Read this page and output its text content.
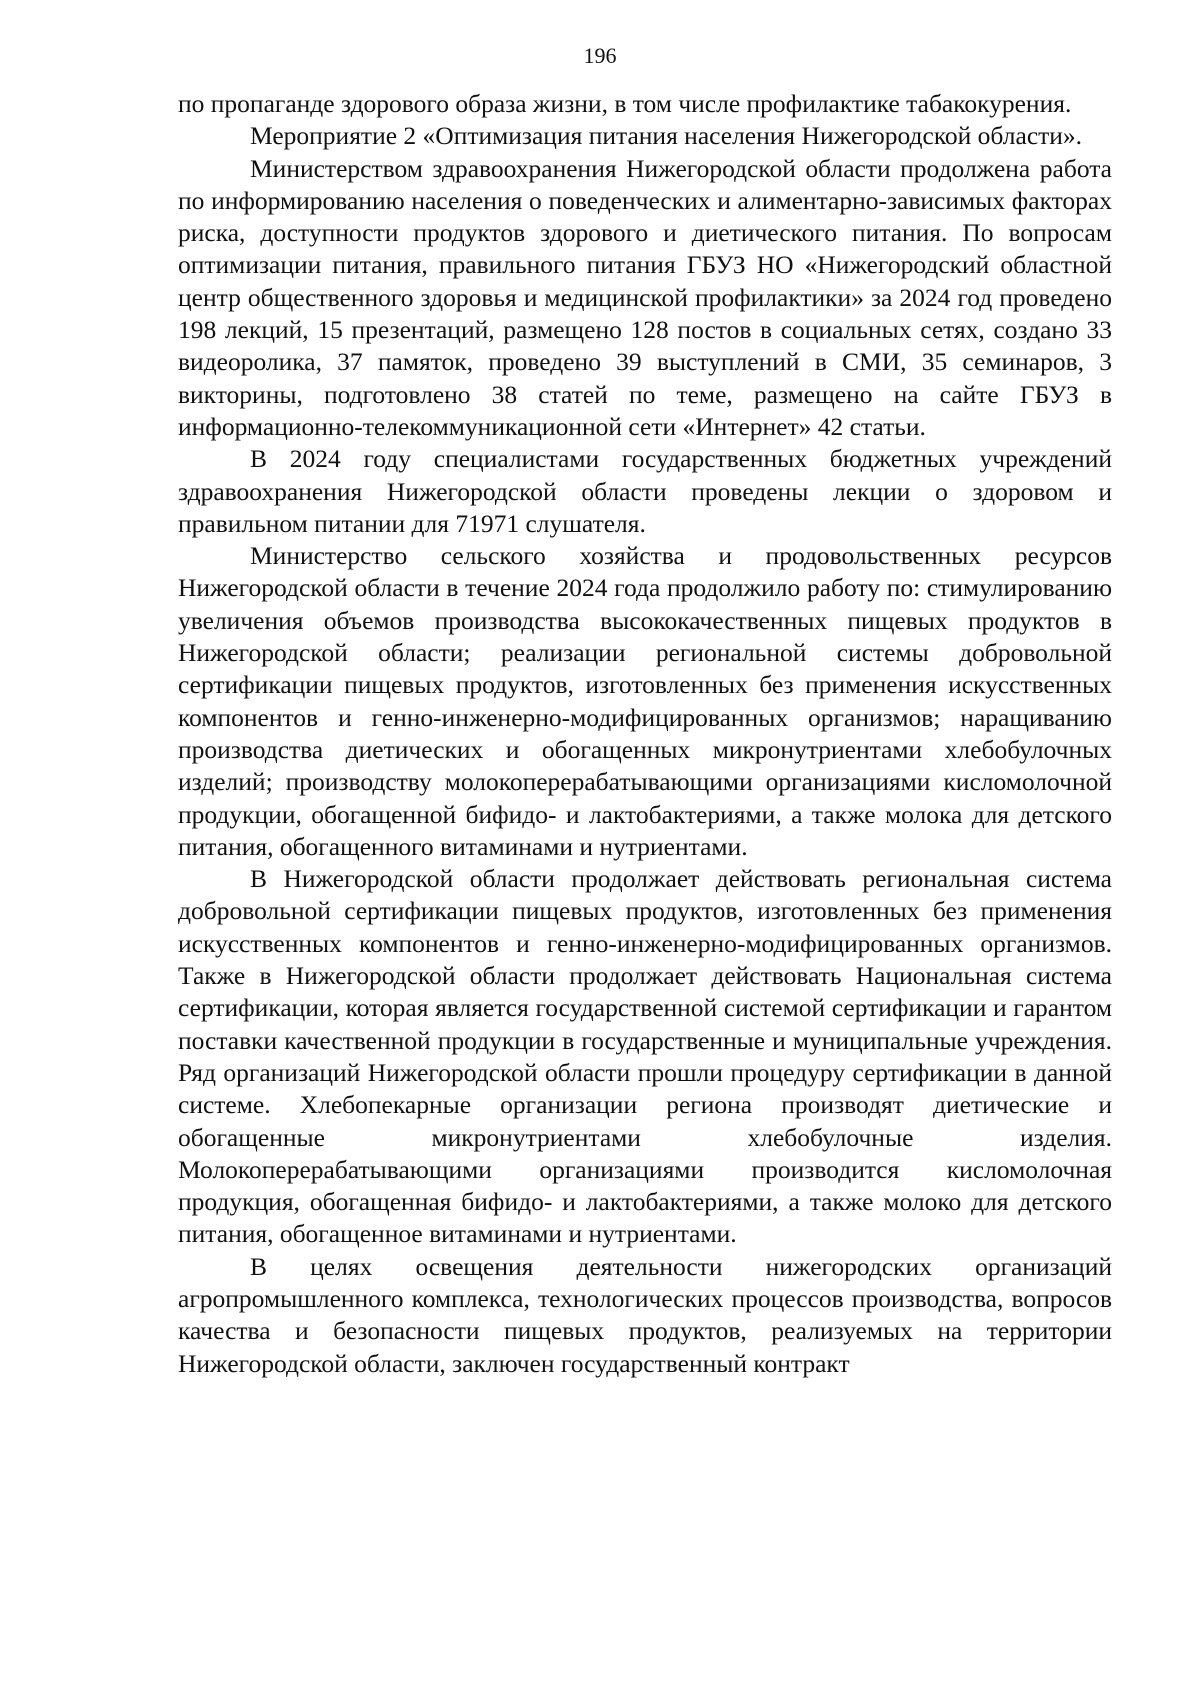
196

по пропаганде здорового образа жизни, в том числе профилактике табакокурения.

Мероприятие 2 «Оптимизация питания населения Нижегородской области».

Министерством здравоохранения Нижегородской области продолжена работа по информированию населения о поведенческих и алиментарно-зависимых факторах риска, доступности продуктов здорового и диетического питания. По вопросам оптимизации питания, правильного питания ГБУЗ НО «Нижегородский областной центр общественного здоровья и медицинской профилактики» за 2024 год проведено 198 лекций, 15 презентаций, размещено 128 постов в социальных сетях, создано 33 видеоролика, 37 памяток, проведено 39 выступлений в СМИ, 35 семинаров, 3 викторины, подготовлено 38 статей по теме, размещено на сайте ГБУЗ в информационно-телекоммуникационной сети «Интернет» 42 статьи.

В 2024 году специалистами государственных бюджетных учреждений здравоохранения Нижегородской области проведены лекции о здоровом и правильном питании для 71971 слушателя.

Министерство сельского хозяйства и продовольственных ресурсов Нижегородской области в течение 2024 года продолжило работу по: стимулированию увеличения объемов производства высококачественных пищевых продуктов в Нижегородской области; реализации региональной системы добровольной сертификации пищевых продуктов, изготовленных без применения искусственных компонентов и генно-инженерно-модифицированных организмов; наращиванию производства диетических и обогащенных микронутриентами хлебобулочных изделий; производству молокоперерабатывающими организациями кисломолочной продукции, обогащенной бифидо- и лактобактериями, а также молока для детского питания, обогащенного витаминами и нутриентами.

В Нижегородской области продолжает действовать региональная система добровольной сертификации пищевых продуктов, изготовленных без применения искусственных компонентов и генно-инженерно-модифицированных организмов. Также в Нижегородской области продолжает действовать Национальная система сертификации, которая является государственной системой сертификации и гарантом поставки качественной продукции в государственные и муниципальные учреждения. Ряд организаций Нижегородской области прошли процедуру сертификации в данной системе. Хлебопекарные организации региона производят диетические и обогащенные микронутриентами хлебобулочные изделия. Молокоперерабатывающими организациями производится кисломолочная продукция, обогащенная бифидо- и лактобактериями, а также молоко для детского питания, обогащенное витаминами и нутриентами.

В целях освещения деятельности нижегородских организаций агропромышленного комплекса, технологических процессов производства, вопросов качества и безопасности пищевых продуктов, реализуемых на территории Нижегородской области, заключен государственный контракт
